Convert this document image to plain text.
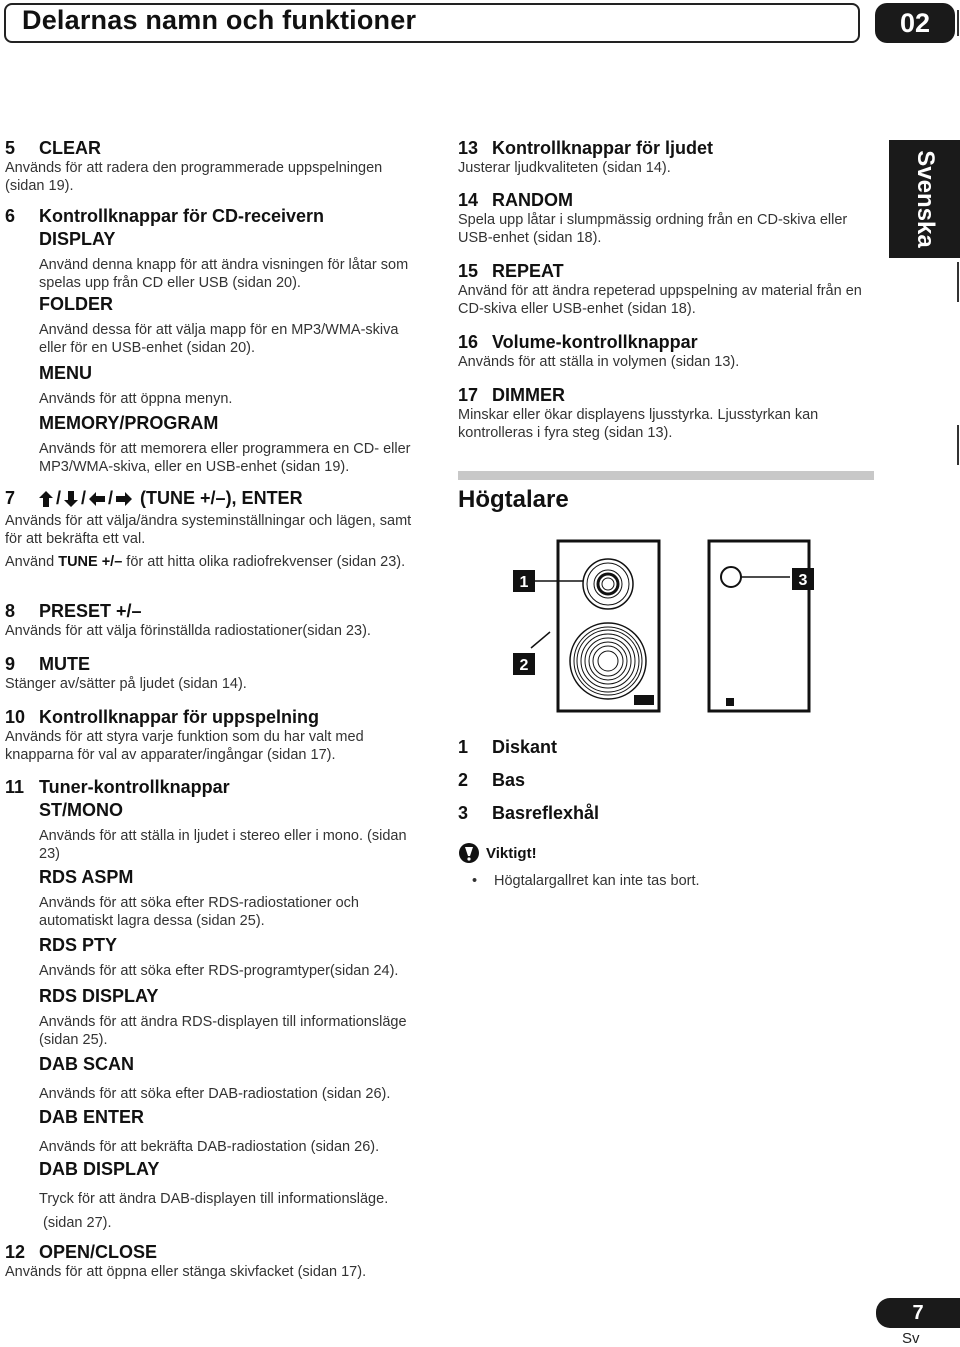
Delarnas namn och funktioner	02
Svenska
5 CLEAR
Används för att radera den programmerade uppspelningen (sidan 19).
6 Kontrollknappar för CD-receivern
DISPLAY
Använd denna knapp för att ändra visningen för låtar som spelas upp från CD eller USB (sidan 20).
FOLDER
Använd dessa för att välja mapp för en MP3/WMA-skiva eller för en USB-enhet (sidan 20).
MENU
Används för att öppna menyn.
MEMORY/PROGRAM
Används för att memorera eller programmera en CD- eller MP3/WMA-skiva, eller en USB-enhet (sidan 19).
7	/ / / (TUNE +/–), ENTER
Används för att välja/ändra systeminställningar och lägen, samt för att bekräfta ett val.
Använd TUNE +/– för att hitta olika radiofrekvenser (sidan 23).
8 PRESET +/–
Används för att välja förinställda radiostationer(sidan 23).
9 MUTE
Stänger av/sätter på ljudet (sidan 14).
10 Kontrollknappar för uppspelning
Används för att styra varje funktion som du har valt med knapparna för val av apparater/ingångar (sidan 17).
11 Tuner-kontrollknappar
ST/MONO
Används för att ställa in ljudet i stereo eller i mono. (sidan 23)
RDS ASPM
Används för att söka efter RDS-radiostationer och automatiskt lagra dessa (sidan 25).
RDS PTY
Används för att söka efter RDS-programtyper(sidan 24).
RDS DISPLAY
Används för att ändra RDS-displayen till informationsläge (sidan 25).
DAB SCAN
Används för att söka efter DAB-radiostation (sidan 26).
DAB ENTER
Används för att bekräfta DAB-radiostation (sidan 26).
DAB DISPLAY
Tryck för att ändra DAB-displayen till informationsläge.
(sidan 27).
12 OPEN/CLOSE
Används för att öppna eller stänga skivfacket (sidan 17).
13 Kontrollknappar för ljudet
Justerar ljudkvaliteten (sidan 14).
14 RANDOM
Spela upp låtar i slumpmässig ordning från en CD-skiva eller USB-enhet (sidan 18).
15 REPEAT
Använd för att ändra repeterad uppspelning av material från en CD-skiva eller USB-enhet (sidan 18).
16 Volume-kontrollknappar
Används för att ställa in volymen (sidan 13).
17 DIMMER
Minskar eller ökar displayens ljusstyrka. Ljusstyrkan kan kontrolleras i fyra steg (sidan 13).
Högtalare
1
2
3
1 Diskant
2 Bas
3 Basreflexhål
Viktigt!
•	Högtalargallret kan inte tas bort.
7
Sv
